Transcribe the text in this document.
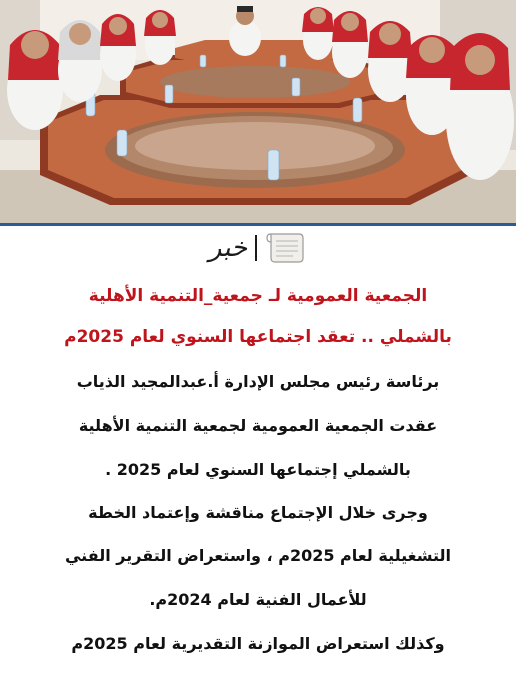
خبر
الجمعية العمومية لـ جمعية_التنمية الأهلية
بالشملي .. تعقد اجتماعها السنوي لعام 2025م
برئاسة رئيس مجلس الإدارة أ.عبدالمجيد الذياب
عقدت الجمعية العمومية لجمعية التنمية الأهلية
بالشملي إجتماعها السنوي لعام 2025 .
وجرى خلال الإجتماع مناقشة وإعتماد الخطة
التشغيلية لعام 2025م ، واستعراض التقرير الفني
للأعمال الفنية لعام 2024م.
وكذلك استعراض الموازنة التقديرية لعام 2025م
